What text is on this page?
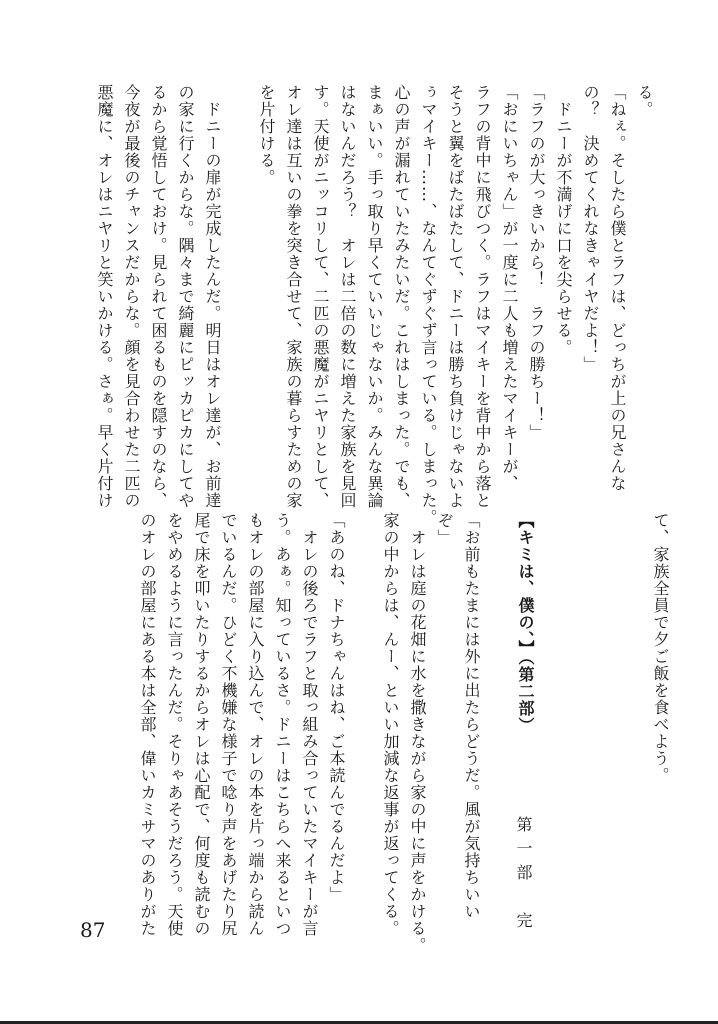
る。
「ねぇ。そしたら僕とラフは、どっちが上の兄さんな
の？　決めてくれなきゃイヤだよ！」
　ドニーが不満げに口を尖らせる。
「ラフのが大っきいから！　ラフの勝ちー！」
「おにいちゃん」が一度に二人も増えたマイキーが、
ラフの背中に飛びつく。ラフはマイキーを背中から落と
そうと翼をばたばたして、ドニーは勝ち負けじゃないよ
ぅマイキー……、なんてぐずぐず言っている。しまった。
心の声が漏れていたみたいだ。これはしまった。でも、
まぁいい。手っ取り早くていいじゃないか。みんな異論
はないんだろう？　オレは二倍の数に増えた家族を見回
す。天使がニッコリして、二匹の悪魔がニヤリとして、
オレ達は互いの拳を突き合せて、家族の暮らすための家
を片付ける。
　ドニーの扉が完成したんだ。明日はオレ達が、お前達
の家に行くからな。隅々まで綺麗にピッカピカにしてや
るから覚悟しておけ。見られて困るものを隠すのなら、
今夜が最後のチャンスだからな。顔を見合わせた二匹の
悪魔に、オレはニヤリと笑いかける。さぁ。早く片付け

て、家族全員で夕ご飯を食べよう。
【キミは、僕の、】（第二部）
「お前もたまには外に出たらどうだ。風が気持ちいい
ぞ」
　オレは庭の花畑に水を撒きながら家の中に声をかける。
家の中からは、んー、といい加減な返事が返ってくる。
「あのね、ドナちゃんはね、ご本読んでるんだよ」
　オレの後ろでラフと取っ組み合っていたマイキーが言
う。あぁ。知っているさ。ドニーはこちらへ来るといつ
もオレの部屋に入り込んで、オレの本を片っ端から読ん
でいるんだ。ひどく不機嫌な様子で唸り声をあげたり尻
尾で床を叩いたりするからオレは心配で、何度も読むの
をやめるように言ったんだ。そりゃあそうだろう。天使
のオレの部屋にある本は全部、偉いカミサマのありがた	第一部　完
87
